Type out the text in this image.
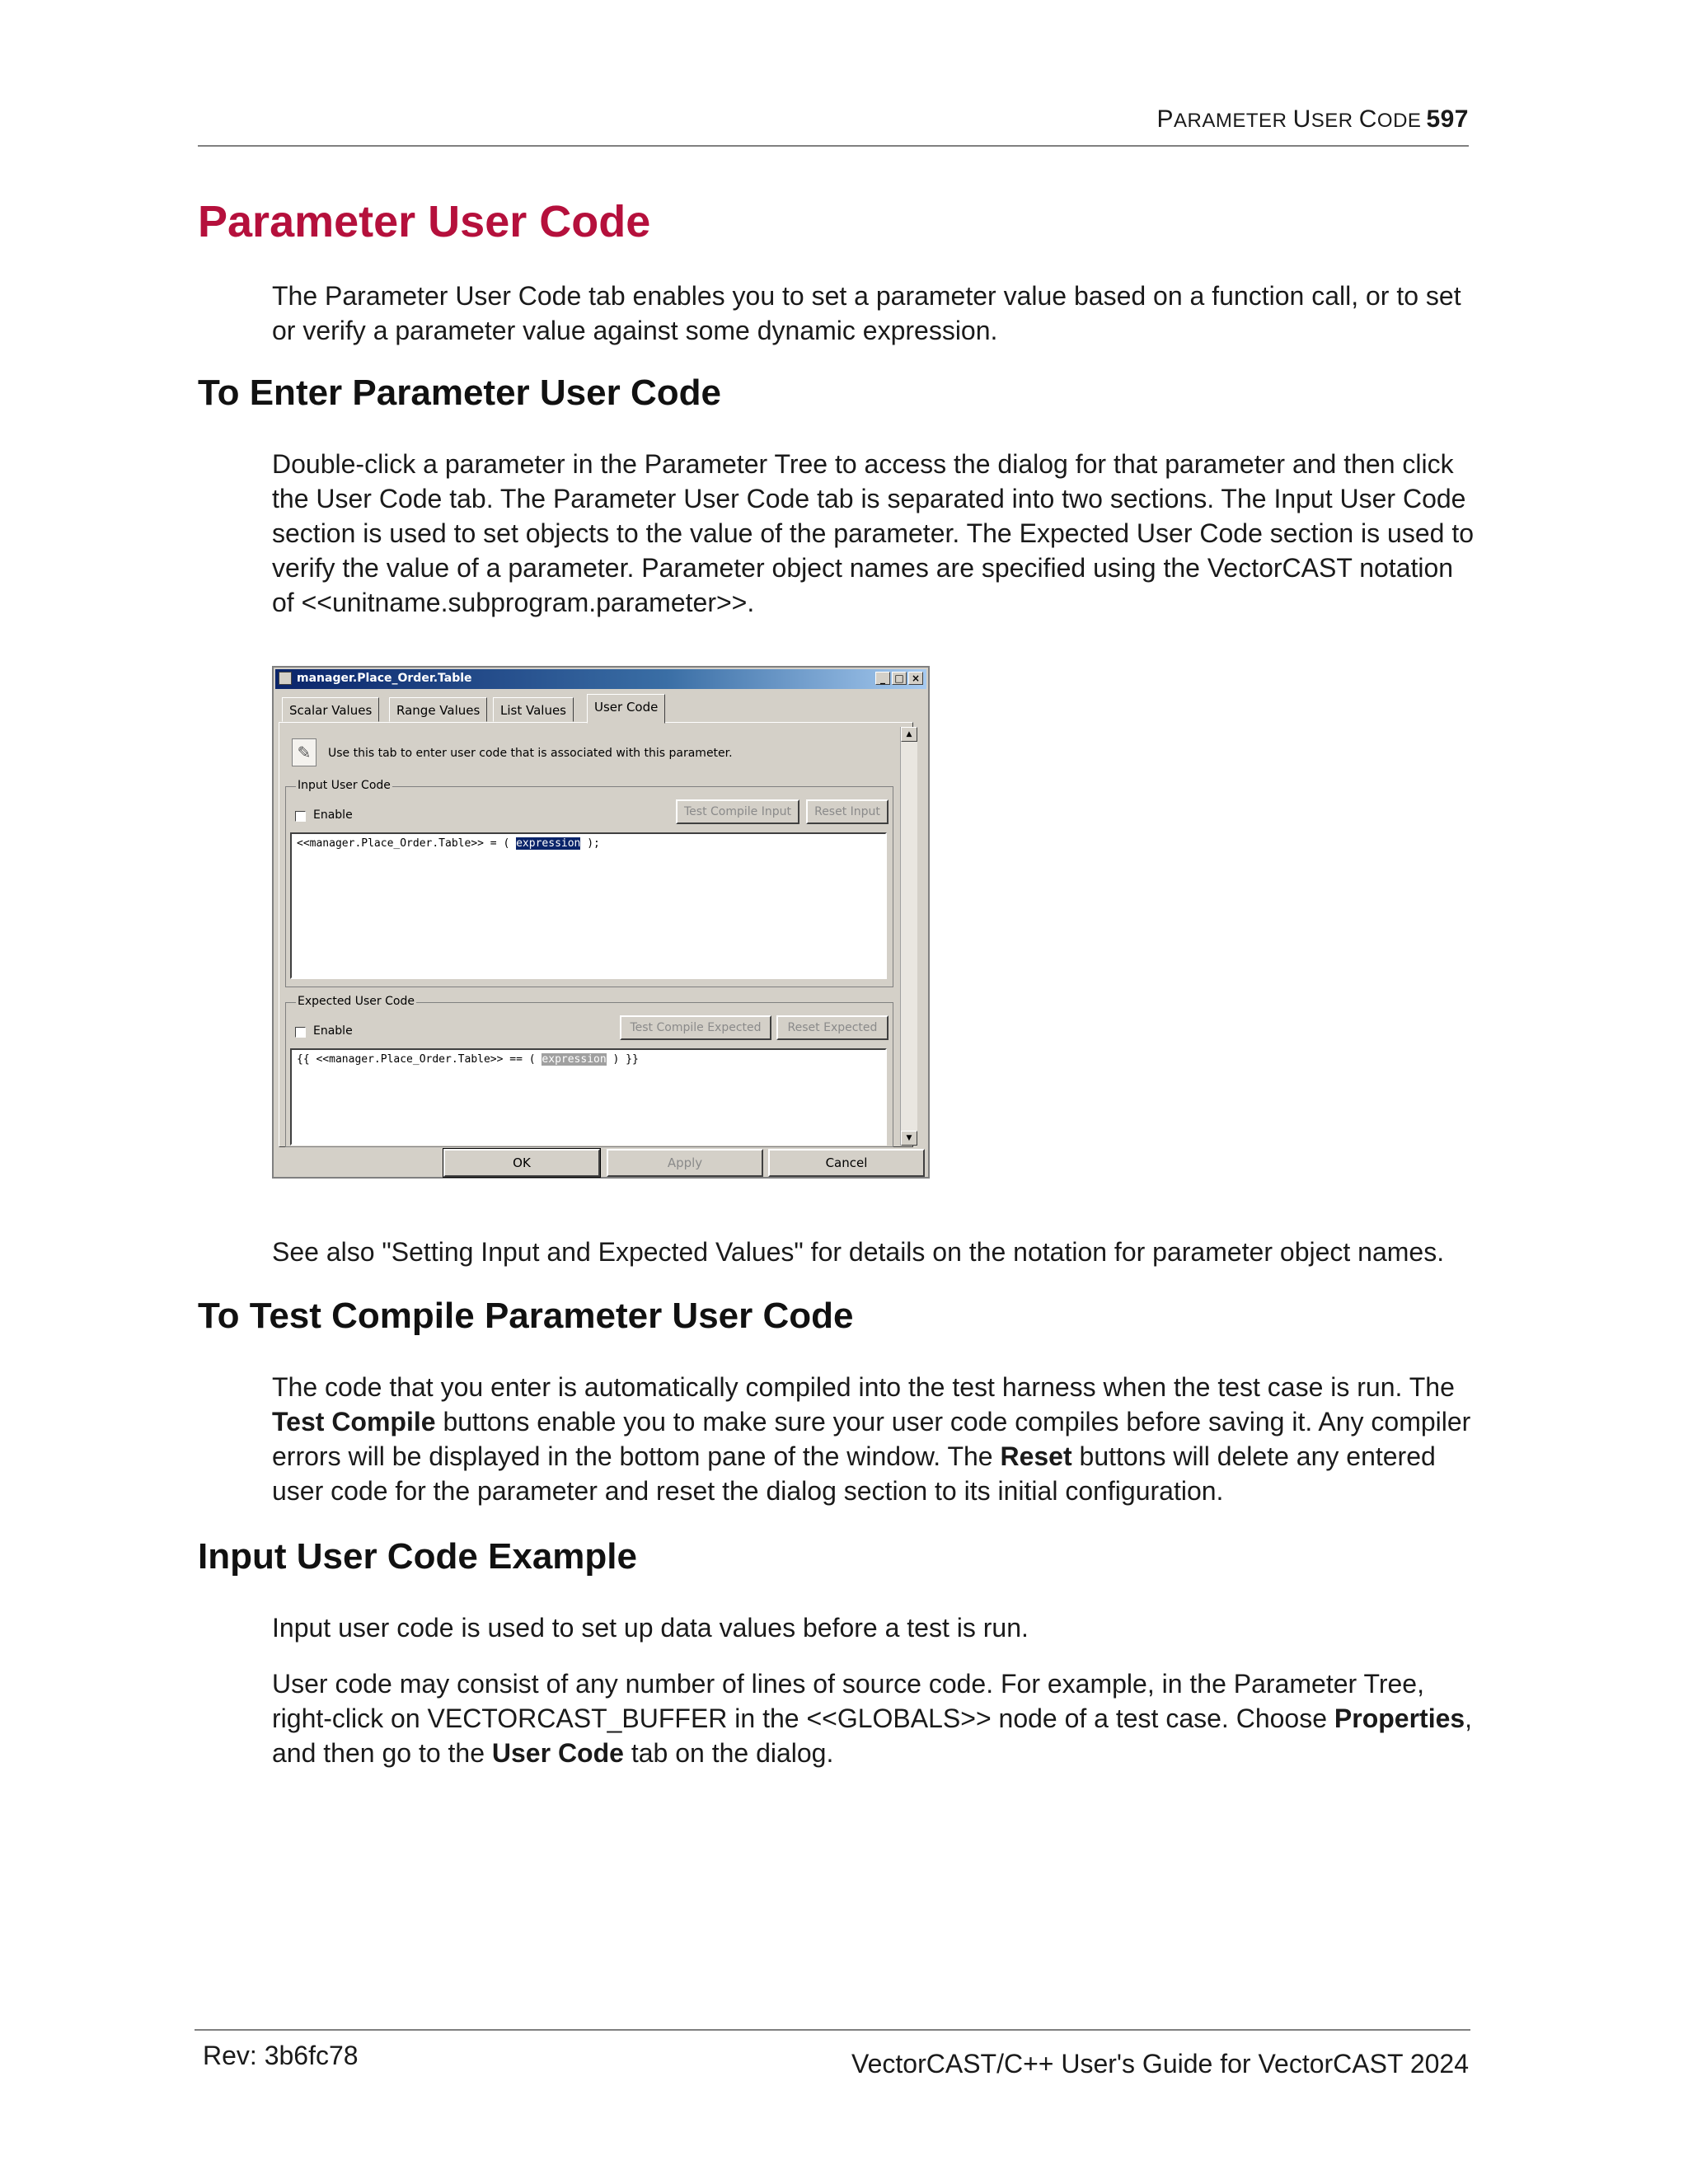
PARAMETER USER CODE 597
Parameter User Code

The Parameter User Code tab enables you to set a parameter value based on a function call, or to set or verify a parameter value against some dynamic expression.

To Enter Parameter User Code

Double-click a parameter in the Parameter Tree to access the dialog for that parameter and then click the User Code tab. The Parameter User Code tab is separated into two sections. The Input User Code section is used to set objects to the value of the parameter. The Expected User Code section is used to verify the value of a parameter. Parameter object names are specified using the VectorCAST notation of <<unitname.subprogram.parameter>>.

manager.Place_Order.Table	_ □ ×
Scalar Values	Range Values	List Values	User Code
▲
▼
✎	Use this tab to enter user code that is associated with this parameter.
Input User Code
Enable	Test Compile Input	Reset Input
<<manager.Place_Order.Table>> = ( expression );
Expected User Code
Enable	Test Compile Expected	Reset Expected
{{ <<manager.Place_Order.Table>> == ( expression ) }}
OK	Apply	Cancel

See also "Setting Input and Expected Values" for details on the notation for parameter object names.

To Test Compile Parameter User Code

The code that you enter is automatically compiled into the test harness when the test case is run. The Test Compile buttons enable you to make sure your user code compiles before saving it. Any compiler errors will be displayed in the bottom pane of the window. The Reset buttons will delete any entered user code for the parameter and reset the dialog section to its initial configuration.

Input User Code Example

Input user code is used to set up data values before a test is run.

User code may consist of any number of lines of source code. For example, in the Parameter Tree, right-click on VECTORCAST_BUFFER in the <<GLOBALS>> node of a test case. Choose Properties, and then go to the User Code tab on the dialog.

Rev: 3b6fc78	VectorCAST/C++ User's Guide for VectorCAST 2024
